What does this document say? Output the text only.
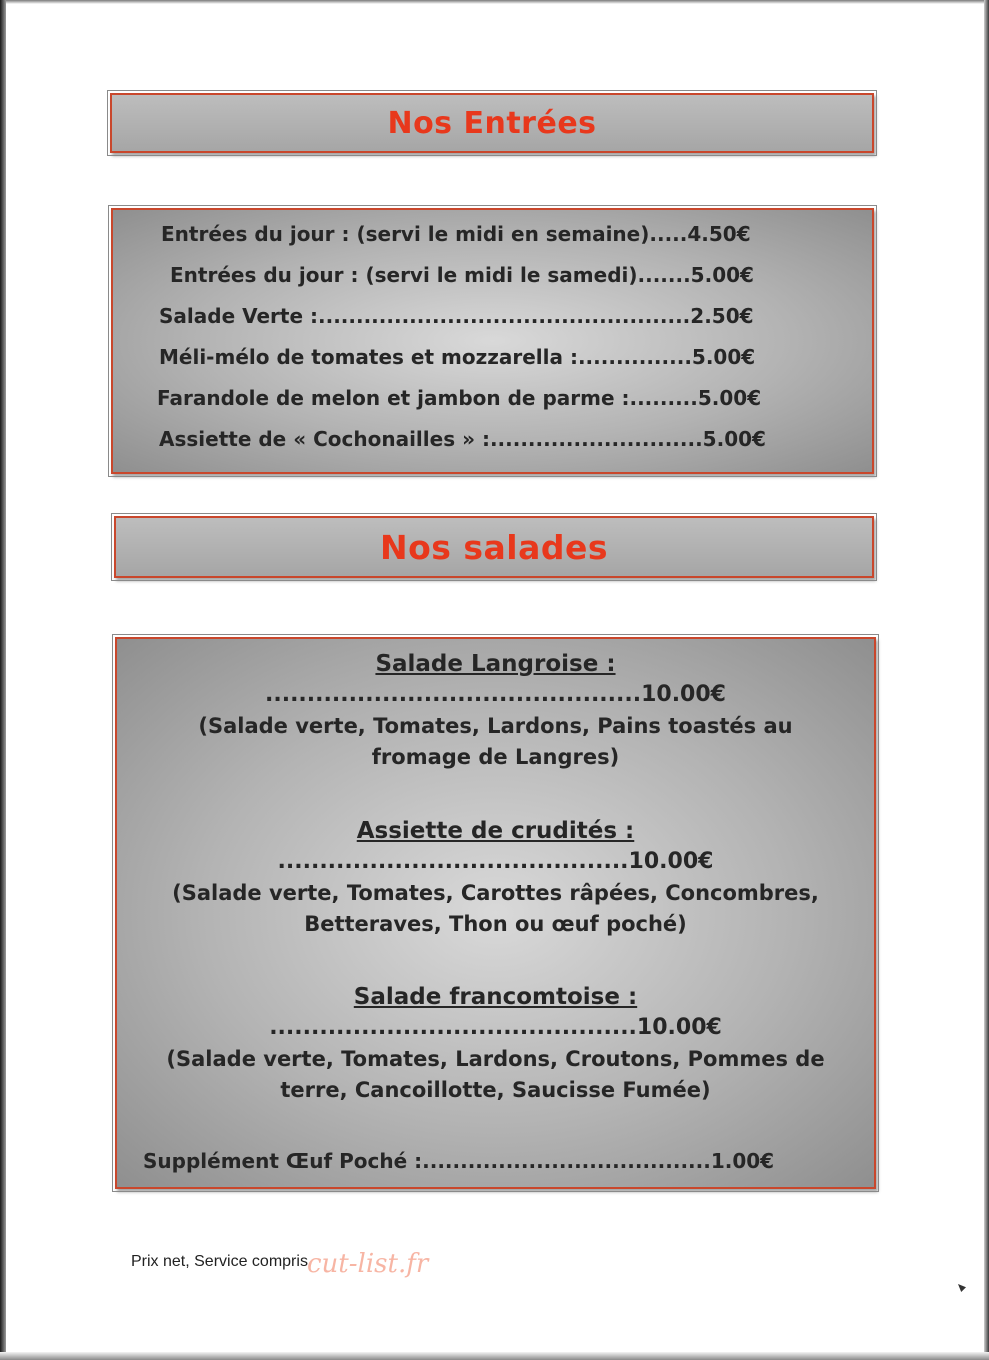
Nos Entrées
Entrées du jour : (servi le midi en semaine).....4.50€
Entrées du jour : (servi le midi le samedi).......5.00€
Salade Verte :.................................................2.50€
Méli-mélo de tomates et mozzarella :...............5.00€
Farandole de melon et jambon de parme :.........5.00€
Assiette de « Cochonailles » :............................5.00€
Nos salades
Salade Langroise :
.............................................10.00€
(Salade verte, Tomates, Lardons, Pains toastés au
fromage de Langres)
Assiette de crudités :
..........................................10.00€
(Salade verte, Tomates, Carottes râpées, Concombres,
Betteraves, Thon ou œuf poché)
Salade francomtoise :
............................................10.00€
(Salade verte, Tomates, Lardons, Croutons, Pommes de
terre, Cancoillotte, Saucisse Fumée)
Supplément Œuf Poché :......................................1.00€
Prix net, Service compris cut-list.fr
